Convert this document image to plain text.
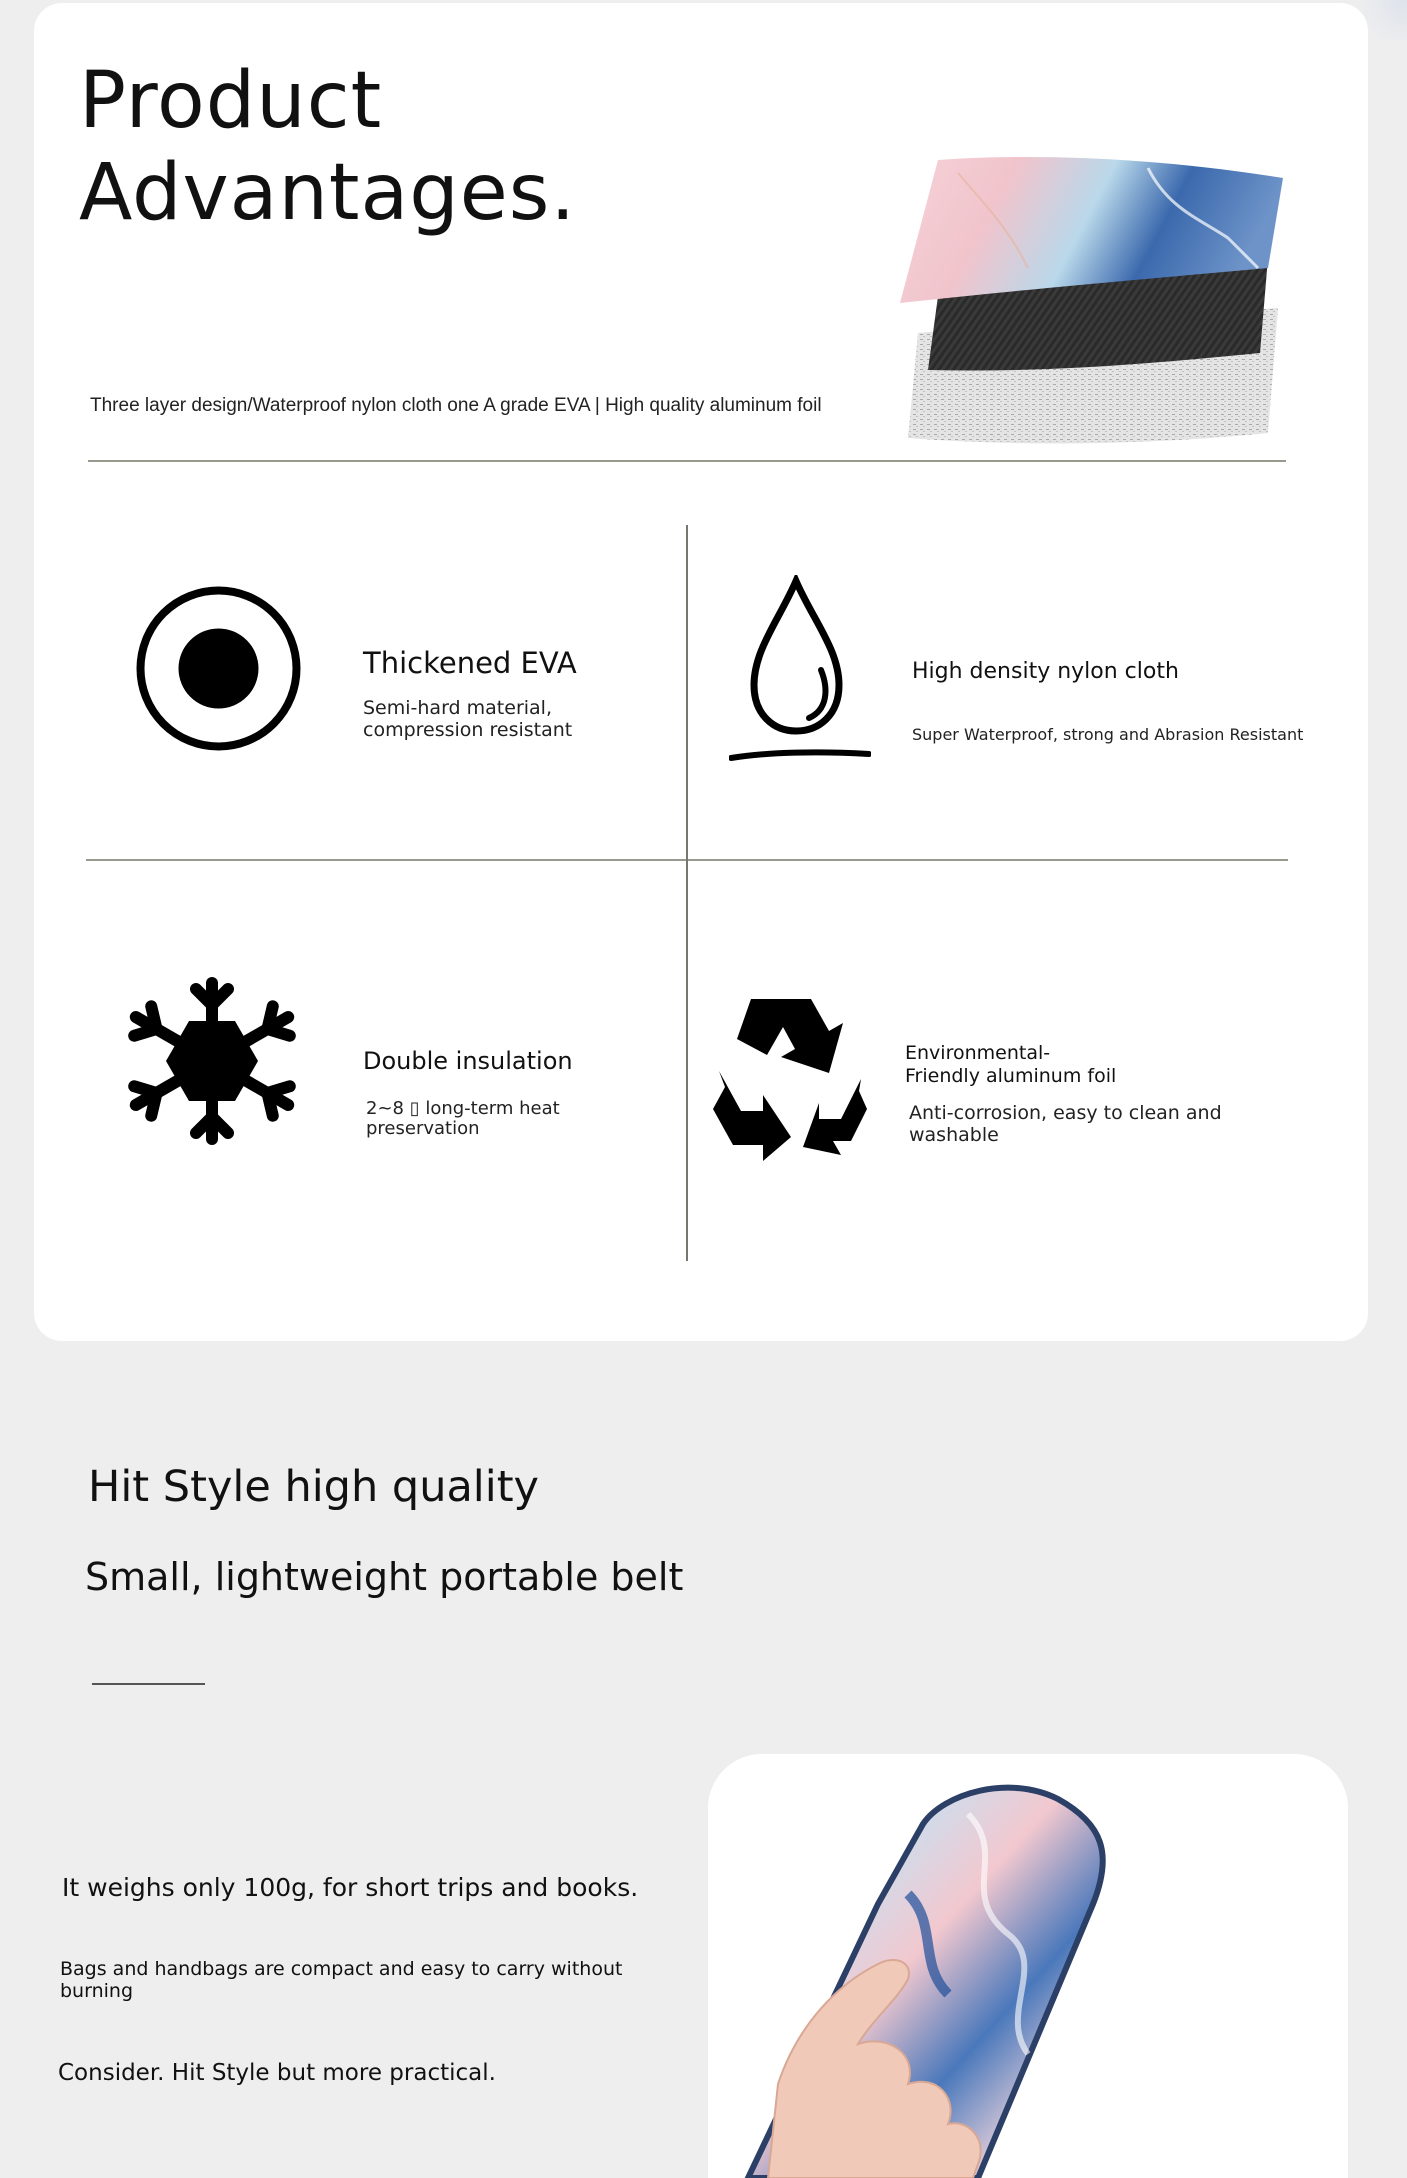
Product
Advantages.
Three layer design/Waterproof nylon cloth one A grade EVA | High quality aluminum foil
Thickened EVA
Semi-hard material,
compression resistant
High density nylon cloth
Super Waterproof, strong and Abrasion Resistant
Double insulation
2~8 ▯ long-term heat
preservation
Environmental-
Friendly aluminum foil
Anti-corrosion, easy to clean and
washable
Hit Style high quality
Small, lightweight portable belt
It weighs only 100g, for short trips and books.
Bags and handbags are compact and easy to carry without
burning
Consider. Hit Style but more practical.
